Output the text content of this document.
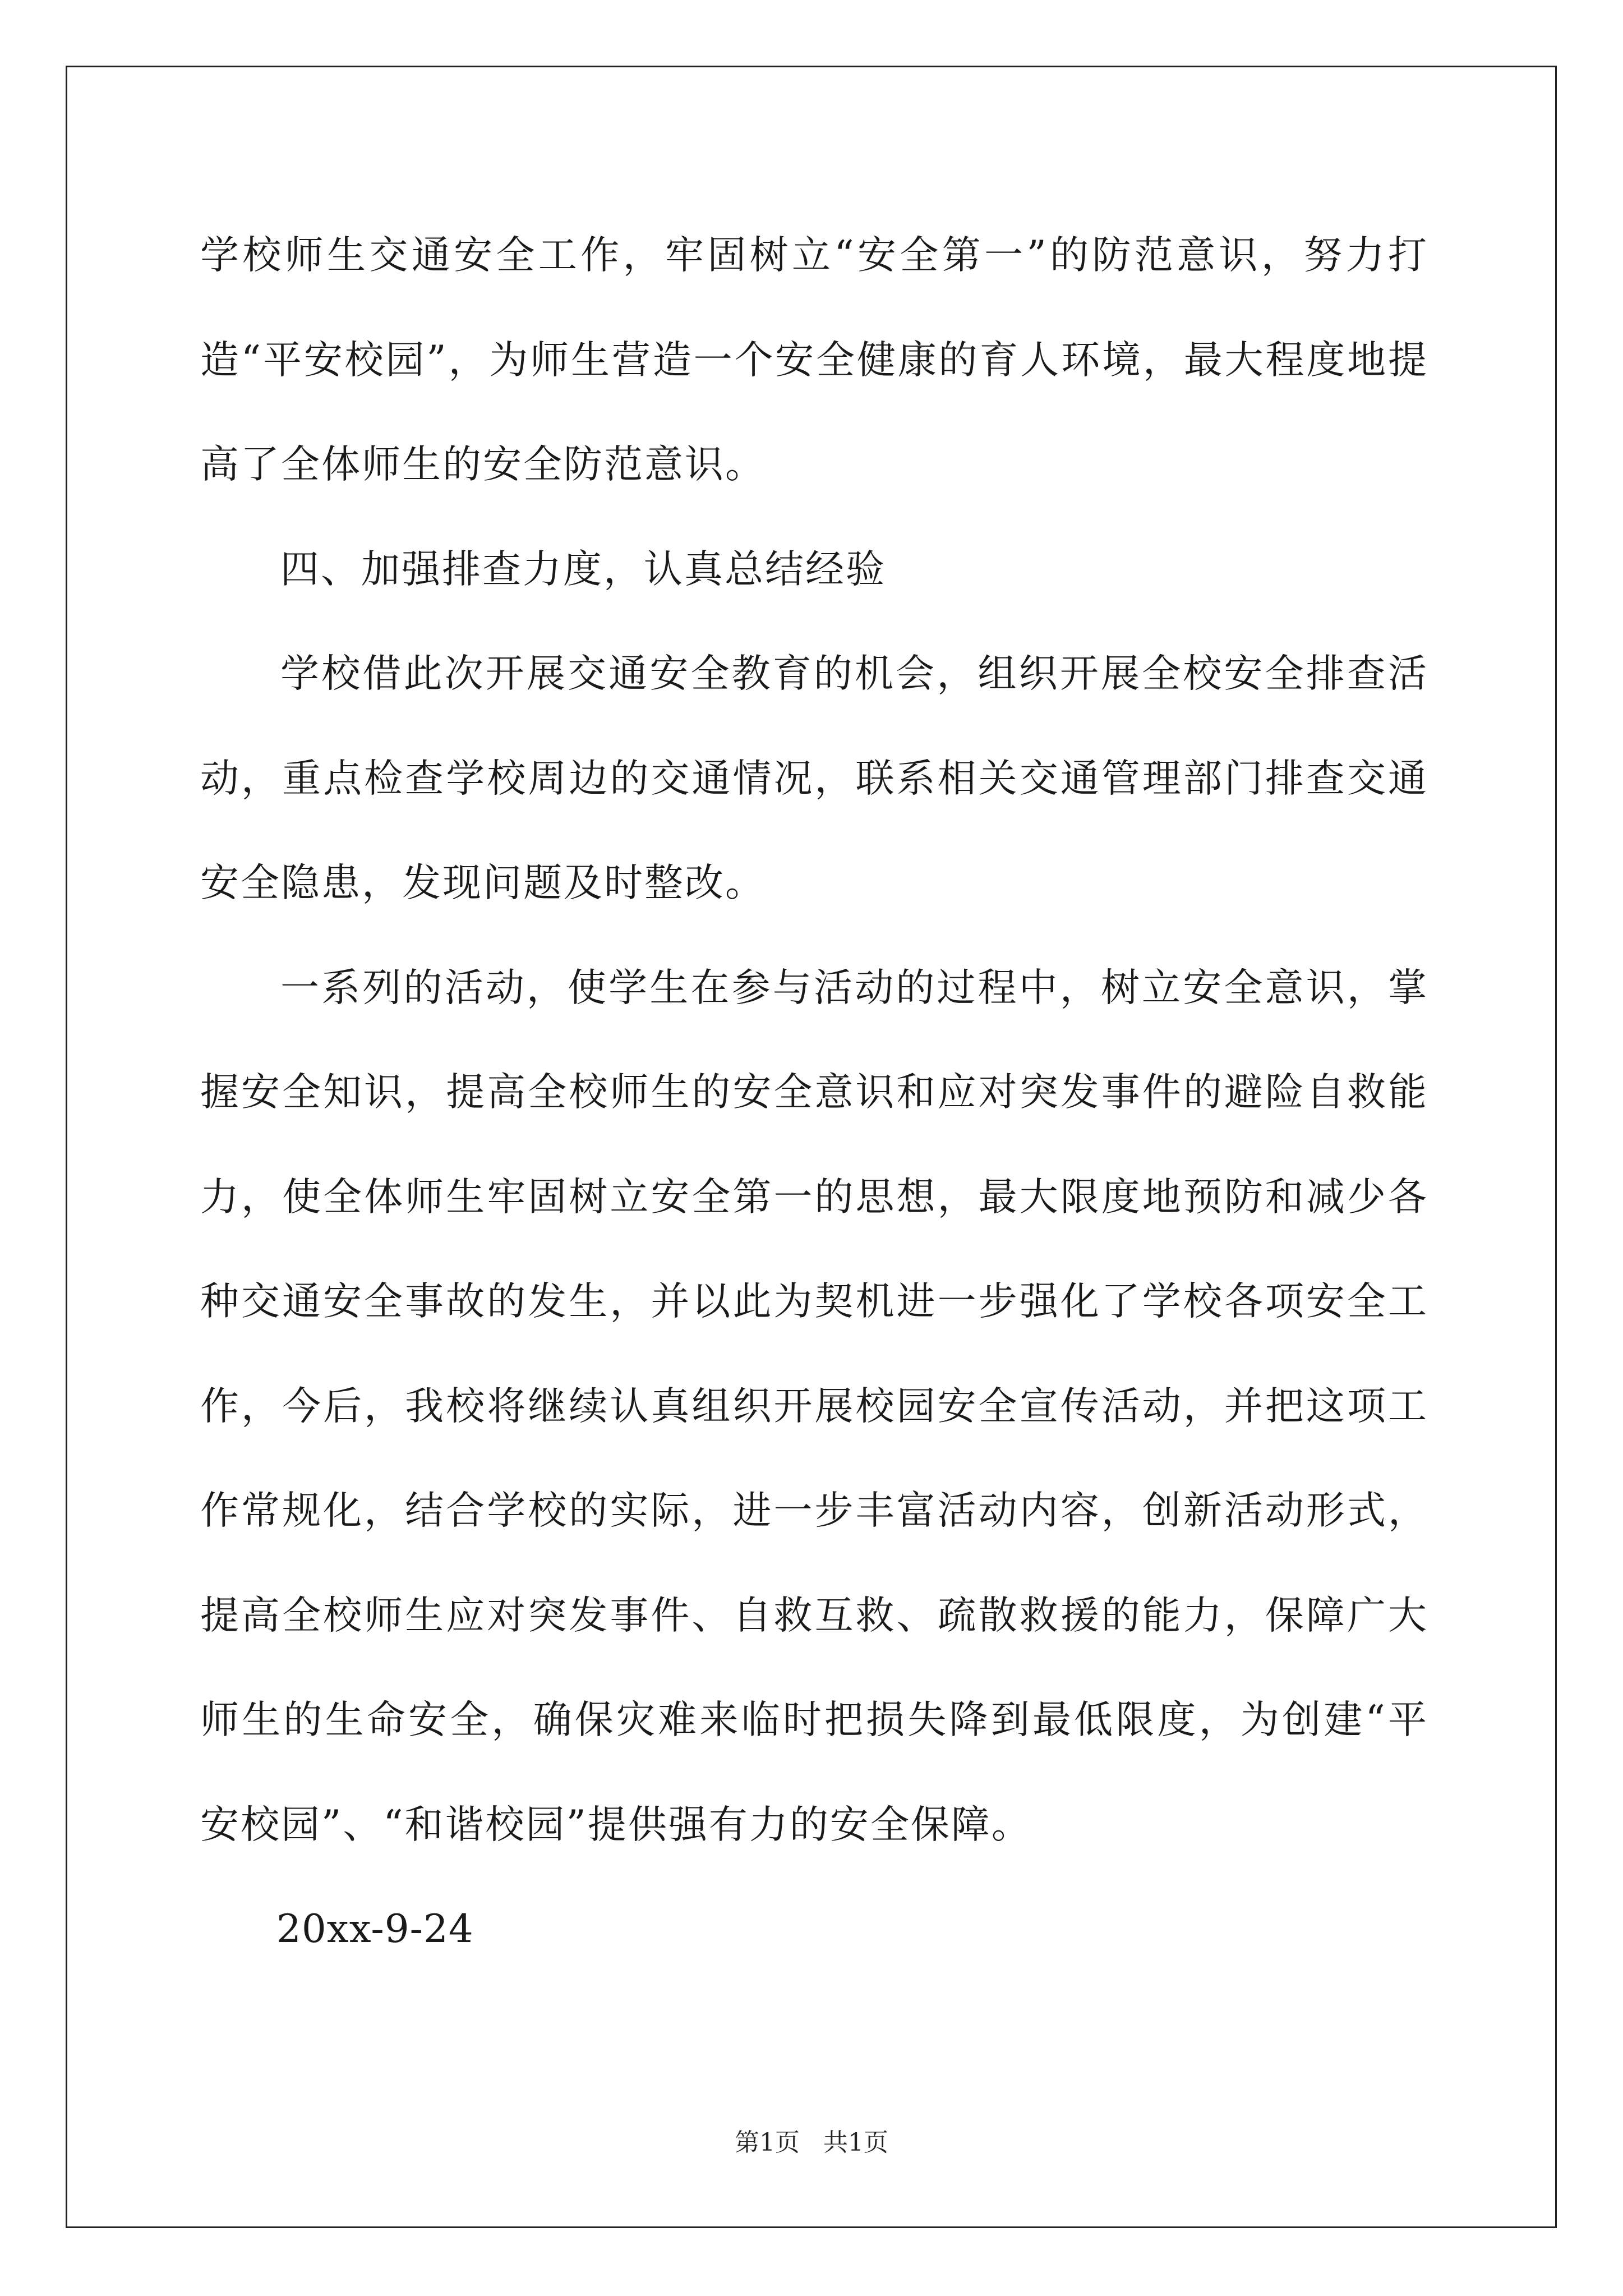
学校师生交通安全工作，牢固树立“安全第一”的防范意识，努力打造“平安校园”，为师生营造一个安全健康的育人环境，最大程度地提高了全体师生的安全防范意识。

四、加强排查力度，认真总结经验

学校借此次开展交通安全教育的机会，组织开展全校安全排查活动，重点检查学校周边的交通情况，联系相关交通管理部门排查交通安全隐患，发现问题及时整改。

一系列的活动，使学生在参与活动的过程中，树立安全意识，掌握安全知识，提高全校师生的安全意识和应对突发事件的避险自救能力，使全体师生牢固树立安全第一的思想，最大限度地预防和减少各种交通安全事故的发生，并以此为契机进一步强化了学校各项安全工作，今后，我校将继续认真组织开展校园安全宣传活动，并把这项工作常规化，结合学校的实际，进一步丰富活动内容，创新活动形式，提高全校师生应对突发事件、自救互救、疏散救援的能力，保障广大师生的生命安全，确保灾难来临时把损失降到最低限度，为创建“平安校园”、“和谐校园”提供强有力的安全保障。

20xx-9-24

第1页 共1页
